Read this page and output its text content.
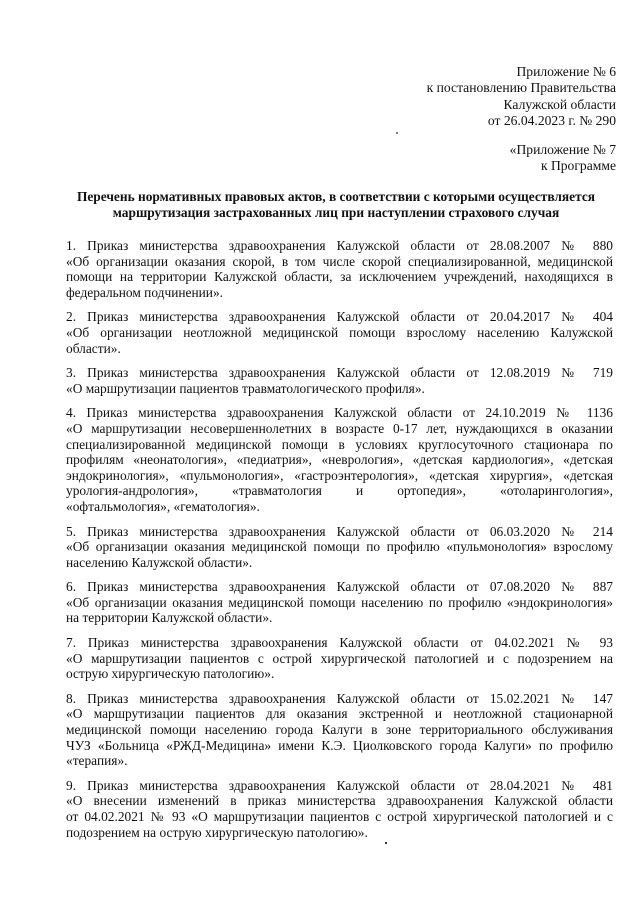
Приложение № 6
к постановлению Правительства
Калужской области
от 26.04.2023 г. № 290
«Приложение № 7
к Программе
Перечень нормативных правовых актов, в соответствии с которыми осуществляется
маршрутизация застрахованных лиц при наступлении страхового случая
1. Приказ министерства здравоохранения Калужской области от 28.08.2007 № 880
«Об организации оказания скорой, в том числе скорой специализированной, медицинской
помощи на территории Калужской области, за исключением учреждений, находящихся в
федеральном подчинении».
2. Приказ министерства здравоохранения Калужской области от 20.04.2017 № 404
«Об организации неотложной медицинской помощи взрослому населению Калужской
области».
3. Приказ министерства здравоохранения Калужской области от 12.08.2019 № 719
«О маршрутизации пациентов травматологического профиля».
4. Приказ министерства здравоохранения Калужской области от 24.10.2019 № 1136
«О маршрутизации несовершеннолетних в возрасте 0-17 лет, нуждающихся в оказании
специализированной медицинской помощи в условиях круглосуточного стационара по
профилям «неонатология», «педиатрия», «неврология», «детская кардиология», «детская
эндокринология», «пульмонология», «гастроэнтерология», «детская хирургия», «детская
урология-андрология», «травматология и ортопедия», «отоларингология»,
«офтальмология», «гематология».
5. Приказ министерства здравоохранения Калужской области от 06.03.2020 № 214
«Об организации оказания медицинской помощи по профилю «пульмонология» взрослому
населению Калужской области».
6. Приказ министерства здравоохранения Калужской области от 07.08.2020 № 887
«Об организации оказания медицинской помощи населению по профилю «эндокринология»
на территории Калужской области».
7. Приказ министерства здравоохранения Калужской области от 04.02.2021 № 93
«О маршрутизации пациентов с острой хирургической патологией и с подозрением на
острую хирургическую патологию».
8. Приказ министерства здравоохранения Калужской области от 15.02.2021 № 147
«О маршрутизации пациентов для оказания экстренной и неотложной стационарной
медицинской помощи населению города Калуги в зоне территориального обслуживания
ЧУЗ «Больница «РЖД-Медицина» имени К.Э. Циолковского города Калуги» по профилю
«терапия».
9. Приказ министерства здравоохранения Калужской области от 28.04.2021 № 481
«О внесении изменений в приказ министерства здравоохранения Калужской области
от 04.02.2021 № 93 «О маршрутизации пациентов с острой хирургической патологией и с
подозрением на острую хирургическую патологию».
